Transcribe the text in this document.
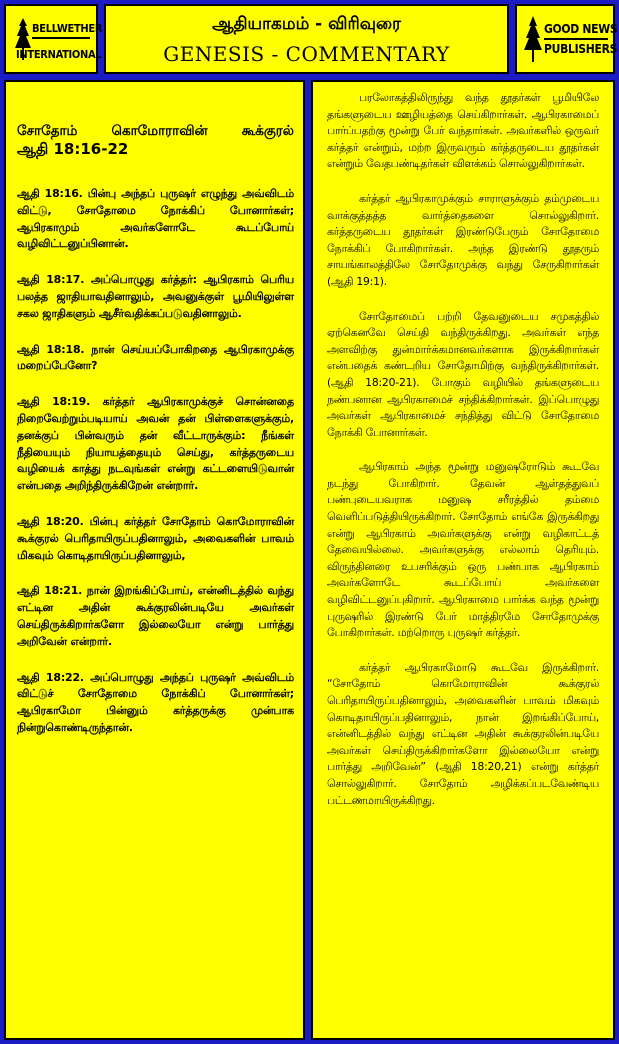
BELLWETHER
INTERNATIONAL
ஆதியாகமம் - விரிவுரை
GENESIS - COMMENTARY
GOOD NEWS
PUBLISHERS
சோதோம் கொமோராவின் கூக்குரல்
ஆதி 18:16-22

ஆதி 18:16. பின்பு அந்தப் புருஷர் எழுந்து அவ்விடம் விட்டு, சோதோமை நோக்கிப் போனார்கள்; ஆபிரகாமும் அவர்களோடே கூடப்போய் வழிவிட்டனுப்பினான்.

ஆதி 18:17. அப்பொழுது கர்த்தர்: ஆபிரகாம் பெரிய பலத்த ஜாதியாவதினாலும், அவனுக்குள் பூமியிலுள்ள சகல ஜாதிகளும் ஆசீர்வதிக்கப்படுவதினாலும்.

ஆதி 18:18. நான் செய்யப்போகிறதை ஆபிரகாமுக்கு மறைப்பேனோ?

ஆதி 18:19. கர்த்தர் ஆபிரகாமுக்குச் சொன்னதை நிறைவேற்றும்படியாய் அவன் தன் பிள்ளைகளுக்கும், தனக்குப் பின்வரும் தன் வீட்டாருக்கும்: நீங்கள் நீதியையும் நியாயத்தையும் செய்து, கர்த்தருடைய வழியைக் காத்து நடவுங்கள் என்று கட்டளையிடுவான் என்பதை அறிந்திருக்கிறேன் என்றார்.

ஆதி 18:20. பின்பு கர்த்தர் சோதோம் கொமோராவின் கூக்குரல் பெரிதாயிருப்பதினாலும், அவைகளின் பாவம் மிகவும் கொடிதாயிருப்பதினாலும்,

ஆதி 18:21. நான் இறங்கிப்போய், என்னிடத்தில் வந்து எட்டின அதின் கூக்குரலின்படியே அவர்கள் செய்திருக்கிறார்களோ இல்லையோ என்று பார்த்து அறிவேன் என்றார்.

ஆதி 18:22. அப்பொழுது அந்தப் புருஷர் அவ்விடம் விட்டுச் சோதோமை நோக்கிப் போனார்கள்; ஆபிரகாமோ பின்னும் கர்த்தருக்கு முன்பாக நின்றுகொண்டிருந்தான்.

பரலோகத்திலிருந்து வந்த தூதர்கள் பூமியிலே தங்களுடைய ஊழியத்தை செய்கிறார்கள். ஆபிரகாமைப் பார்ப்பதற்கு மூன்று பேர் வந்தார்கள். அவர்களில் ஒருவர் கர்த்தர் என்றும், மற்ற இருவரும் கர்த்தருடைய தூதர்கள் என்றும் வேதபண்டிதர்கள் விளக்கம் சொல்லுகிறார்கள்.

கர்த்தர் ஆபிரகாமுக்கும் சாராளுக்கும் தம்முடைய வாக்குத்தத்த வார்த்தைகளை சொல்லுகிறார். கர்த்தருடைய தூதர்கள் இரண்டுபேரும் சோதோமை நோக்கிப் போகிறார்கள். அந்த இரண்டு தூதரும் சாயங்காலத்திலே சோதோமுக்கு வந்து சேருகிறார்கள் (ஆதி 19:1).

சோதோமைப் பற்றி தேவனுடைய சமுகத்தில் ஏற்கெனவே செய்தி வந்திருக்கிறது. அவர்கள் எந்த அளவிற்கு துன்மார்க்கமானவர்களாக இருக்கிறார்கள் என்பதைக் கண்டறிய சோதோமிற்கு வந்திருக்கிறார்கள். (ஆதி 18:20-21). போகும் வழியில் தங்களுடைய நண்பனான ஆபிரகாமைச் சந்திக்கிறார்கள். இப்பொழுது அவர்கள் ஆபிரகாமைச் சந்தித்து விட்டு சோதோமை நோக்கி போனார்கள்.

ஆபிரகாம் அந்த மூன்று மனுஷரோடும் கூடவே நடந்து போகிறார். தேவன் ஆள்தத்துவப் பண்புடையவராக மனுஷ சரீரத்தில் தம்மை வெளிப்படுத்தியிருக்கிறார். சோதோம் எங்கே இருக்கிறது என்று ஆபிரகாம் அவர்களுக்கு என்று வழிகாட்டத் தேவையில்லை. அவர்களுக்கு எல்லாம் தெரியும். விருந்தினரை உபசரிக்கும் ஒரு பண்பாக ஆபிரகாம் அவர்களோடே கூடப்போய் அவர்களை வழிவிட்டனுப்புகிறார். ஆபிரகாமை பார்க்க வந்த மூன்று புருஷரில் இரண்டு பேர் மாத்திரமே சோதோமுக்கு போகிறார்கள். மற்றொரு புருஷர் கர்த்தர்.

கர்த்தர் ஆபிரகாமோடு கூடவே இருக்கிறார். “சோதோம் கொமோராவின் கூக்குரல் பெரிதாயிருப்பதினாலும், அவைகளின் பாவம் மிகவும் கொடிதாயிருப்பதினாலும், நான் இறங்கிப்போய், என்னிடத்தில் வந்து எட்டின அதின் கூக்குரலின்படியே அவர்கள் செய்திருக்கிறார்களோ இல்லையோ என்று பார்த்து அறிவேன்” (ஆதி 18:20,21) என்று கர்த்தர் சொல்லுகிறார். சோதோம் அழிக்கப்படவேண்டிய பட்டணமாயிருக்கிறது.
